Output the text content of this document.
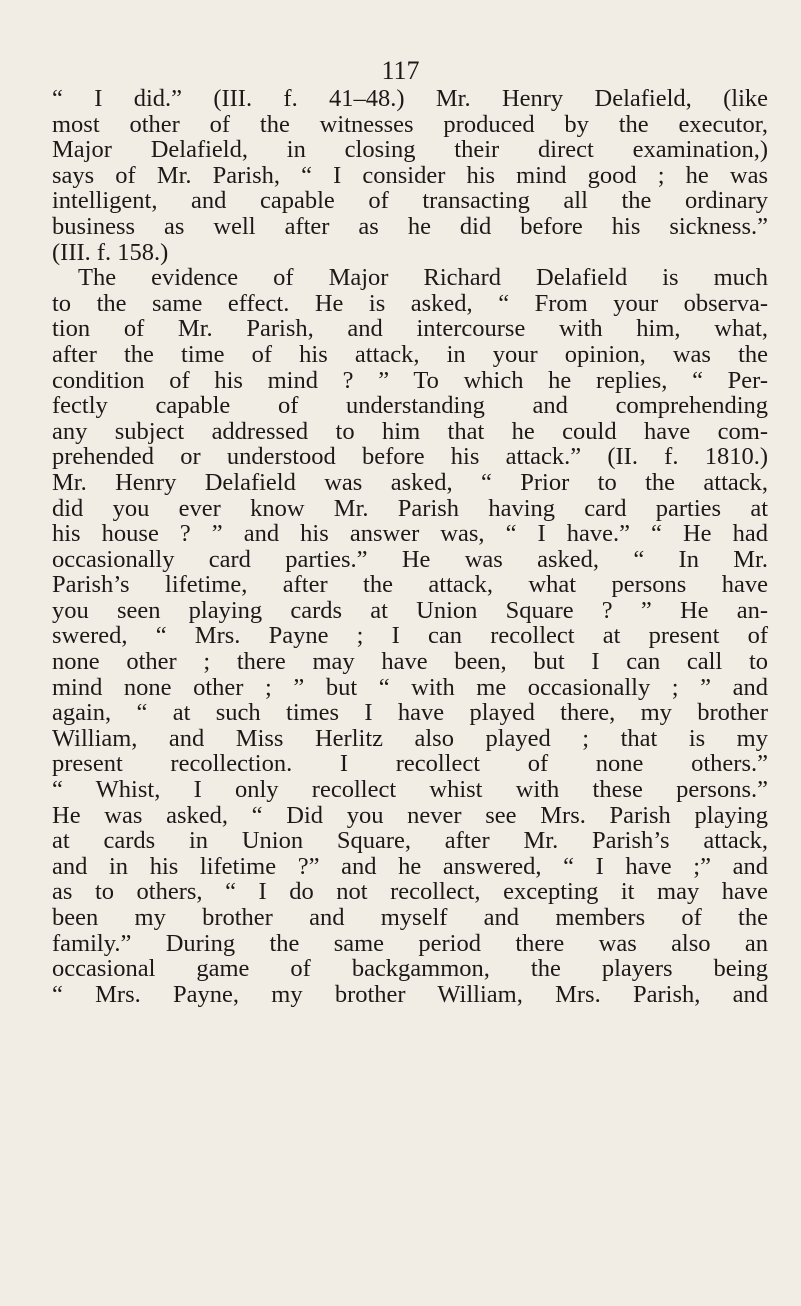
117
“ I did.” (III. f. 41–48.) Mr. Henry Delafield, (like
most other of the witnesses produced by the executor,
Major Delafield, in closing their direct examination,)
says of Mr. Parish, “ I consider his mind good ; he was
intelligent, and capable of transacting all the ordinary
business as well after as he did before his sickness.”
(III. f. 158.)
The evidence of Major Richard Delafield is much
to the same effect. He is asked, “ From your observa-
tion of Mr. Parish, and intercourse with him, what,
after the time of his attack, in your opinion, was the
condition of his mind ? ” To which he replies, “ Per-
fectly capable of understanding and comprehending
any subject addressed to him that he could have com-
prehended or understood before his attack.” (II. f. 1810.)
Mr. Henry Delafield was asked, “ Prior to the attack,
did you ever know Mr. Parish having card parties at
his house ? ” and his answer was, “ I have.” “ He had
occasionally card parties.” He was asked, “ In Mr.
Parish’s lifetime, after the attack, what persons have
you seen playing cards at Union Square ? ” He an-
swered, “ Mrs. Payne ; I can recollect at present of
none other ; there may have been, but I can call to
mind none other ; ” but “ with me occasionally ; ” and
again, “ at such times I have played there, my brother
William, and Miss Herlitz also played ; that is my
present recollection. I recollect of none others.”
“ Whist, I only recollect whist with these persons.”
He was asked, “ Did you never see Mrs. Parish playing
at cards in Union Square, after Mr. Parish’s attack,
and in his lifetime ?” and he answered, “ I have ;” and
as to others, “ I do not recollect, excepting it may have
been my brother and myself and members of the
family.” During the same period there was also an
occasional game of backgammon, the players being
“ Mrs. Payne, my brother William, Mrs. Parish, and
